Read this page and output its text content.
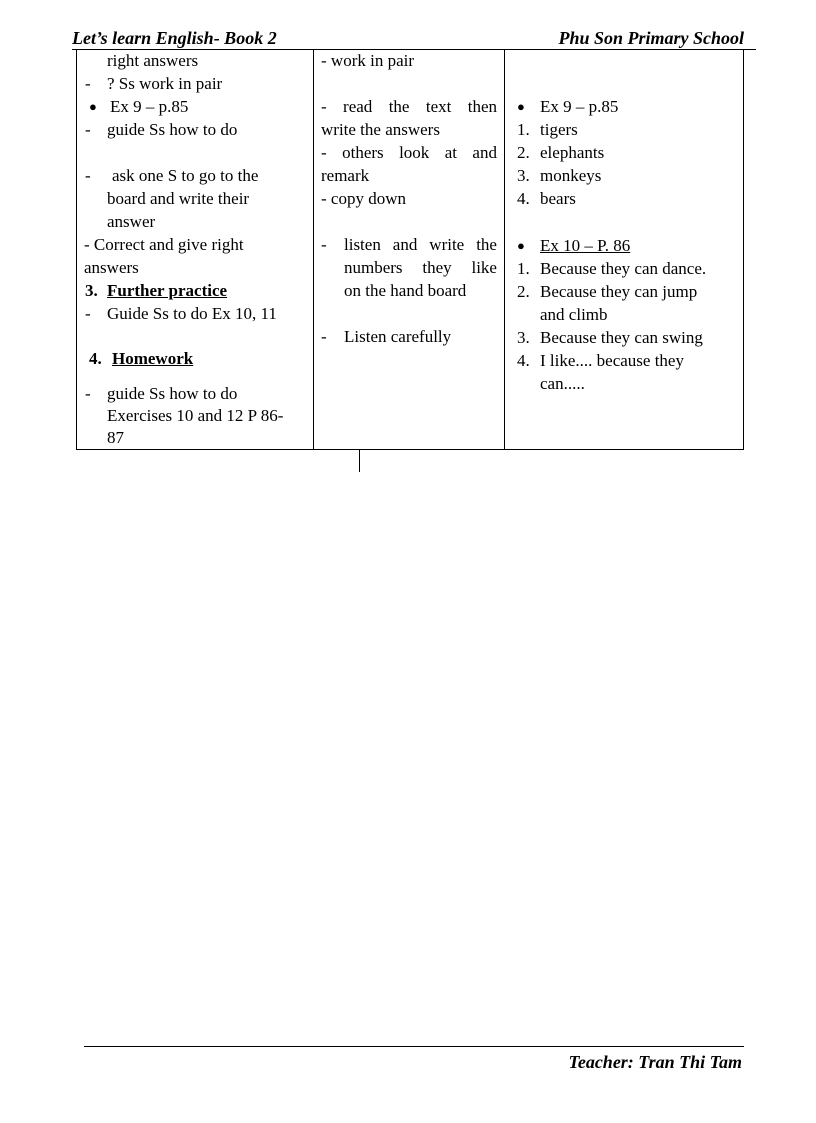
Let’s learn English- Book 2	Phu Son Primary School
right answers
‐ ? Ss work in pair
● Ex 9 – p.85
‐ guide Ss how to do
‐ ask one S to go to the
board and write their
answer
- Correct and give right
answers
3. Further practice
‐ Guide Ss to do Ex 10, 11
4. Homework
‐ guide Ss how to do
Exercises 10 and 12 P 86-
87
- work in pair
- read the text then
write the answers
- others look at and
remark
- copy down
‐ listen and write the
numbers they like
on the hand board
‐ Listen carefully
● Ex 9 – p.85
1. tigers
2. elephants
3. monkeys
4. bears
● Ex 10 – P. 86
1. Because they can dance.
2. Because they can jump
and climb
3. Because they can swing
4. I like.... because they
can.....
Teacher: Tran Thi Tam
